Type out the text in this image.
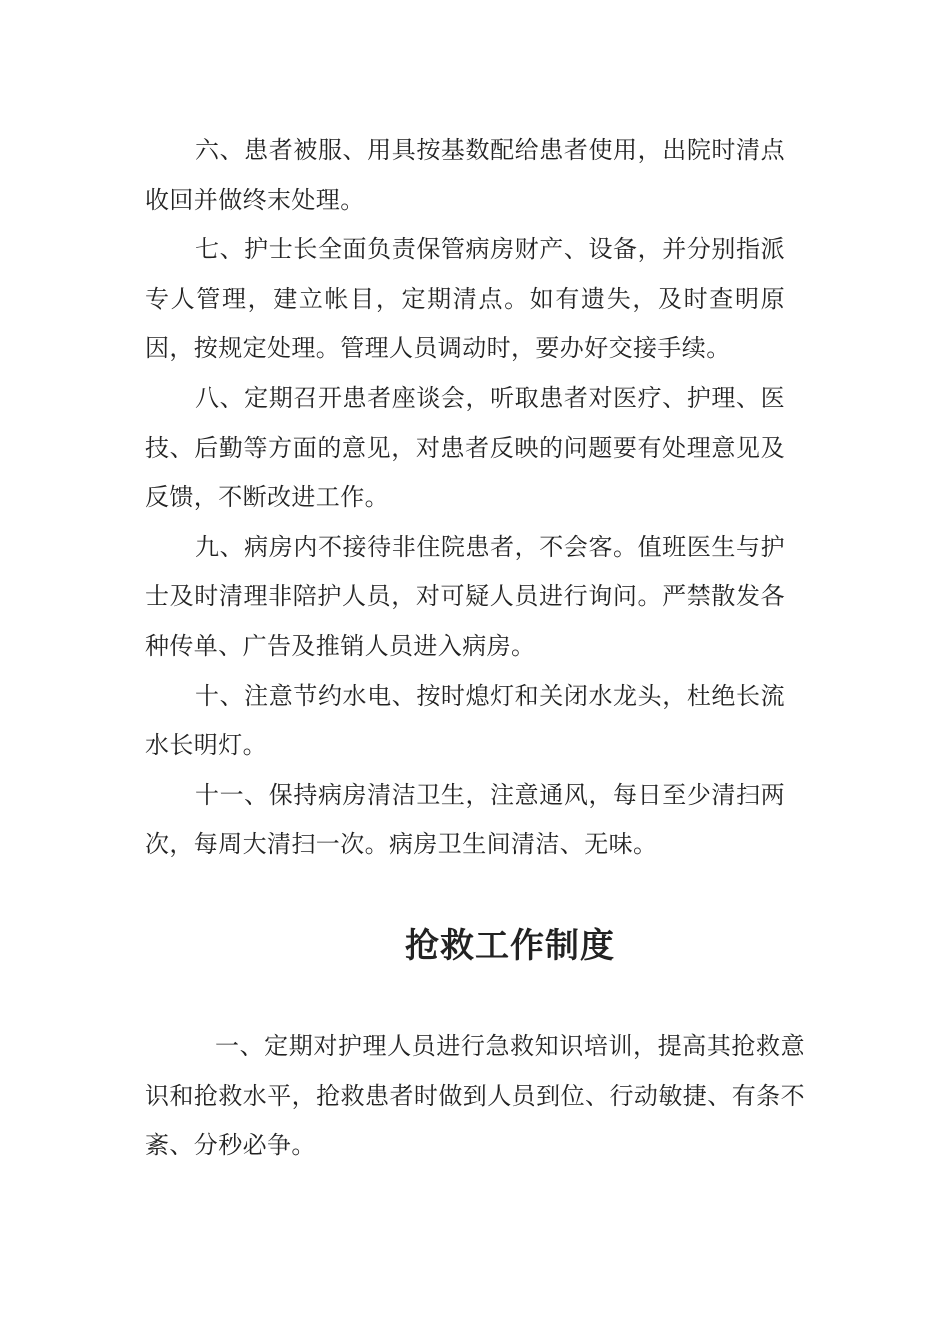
六、患者被服、用具按基数配给患者使用，出院时清点收回并做终末处理。

七、护士长全面负责保管病房财产、设备，并分别指派专人管理，建立帐目，定期清点。如有遗失，及时查明原因，按规定处理。管理人员调动时，要办好交接手续。

八、定期召开患者座谈会，听取患者对医疗、护理、医技、后勤等方面的意见，对患者反映的问题要有处理意见及反馈，不断改进工作。

九、病房内不接待非住院患者，不会客。值班医生与护士及时清理非陪护人员，对可疑人员进行询问。严禁散发各种传单、广告及推销人员进入病房。

十、注意节约水电、按时熄灯和关闭水龙头，杜绝长流水长明灯。

十一、保持病房清洁卫生，注意通风，每日至少清扫两次，每周大清扫一次。病房卫生间清洁、无味。

抢救工作制度

一、定期对护理人员进行急救知识培训，提高其抢救意识和抢救水平，抢救患者时做到人员到位、行动敏捷、有条不紊、分秒必争。
